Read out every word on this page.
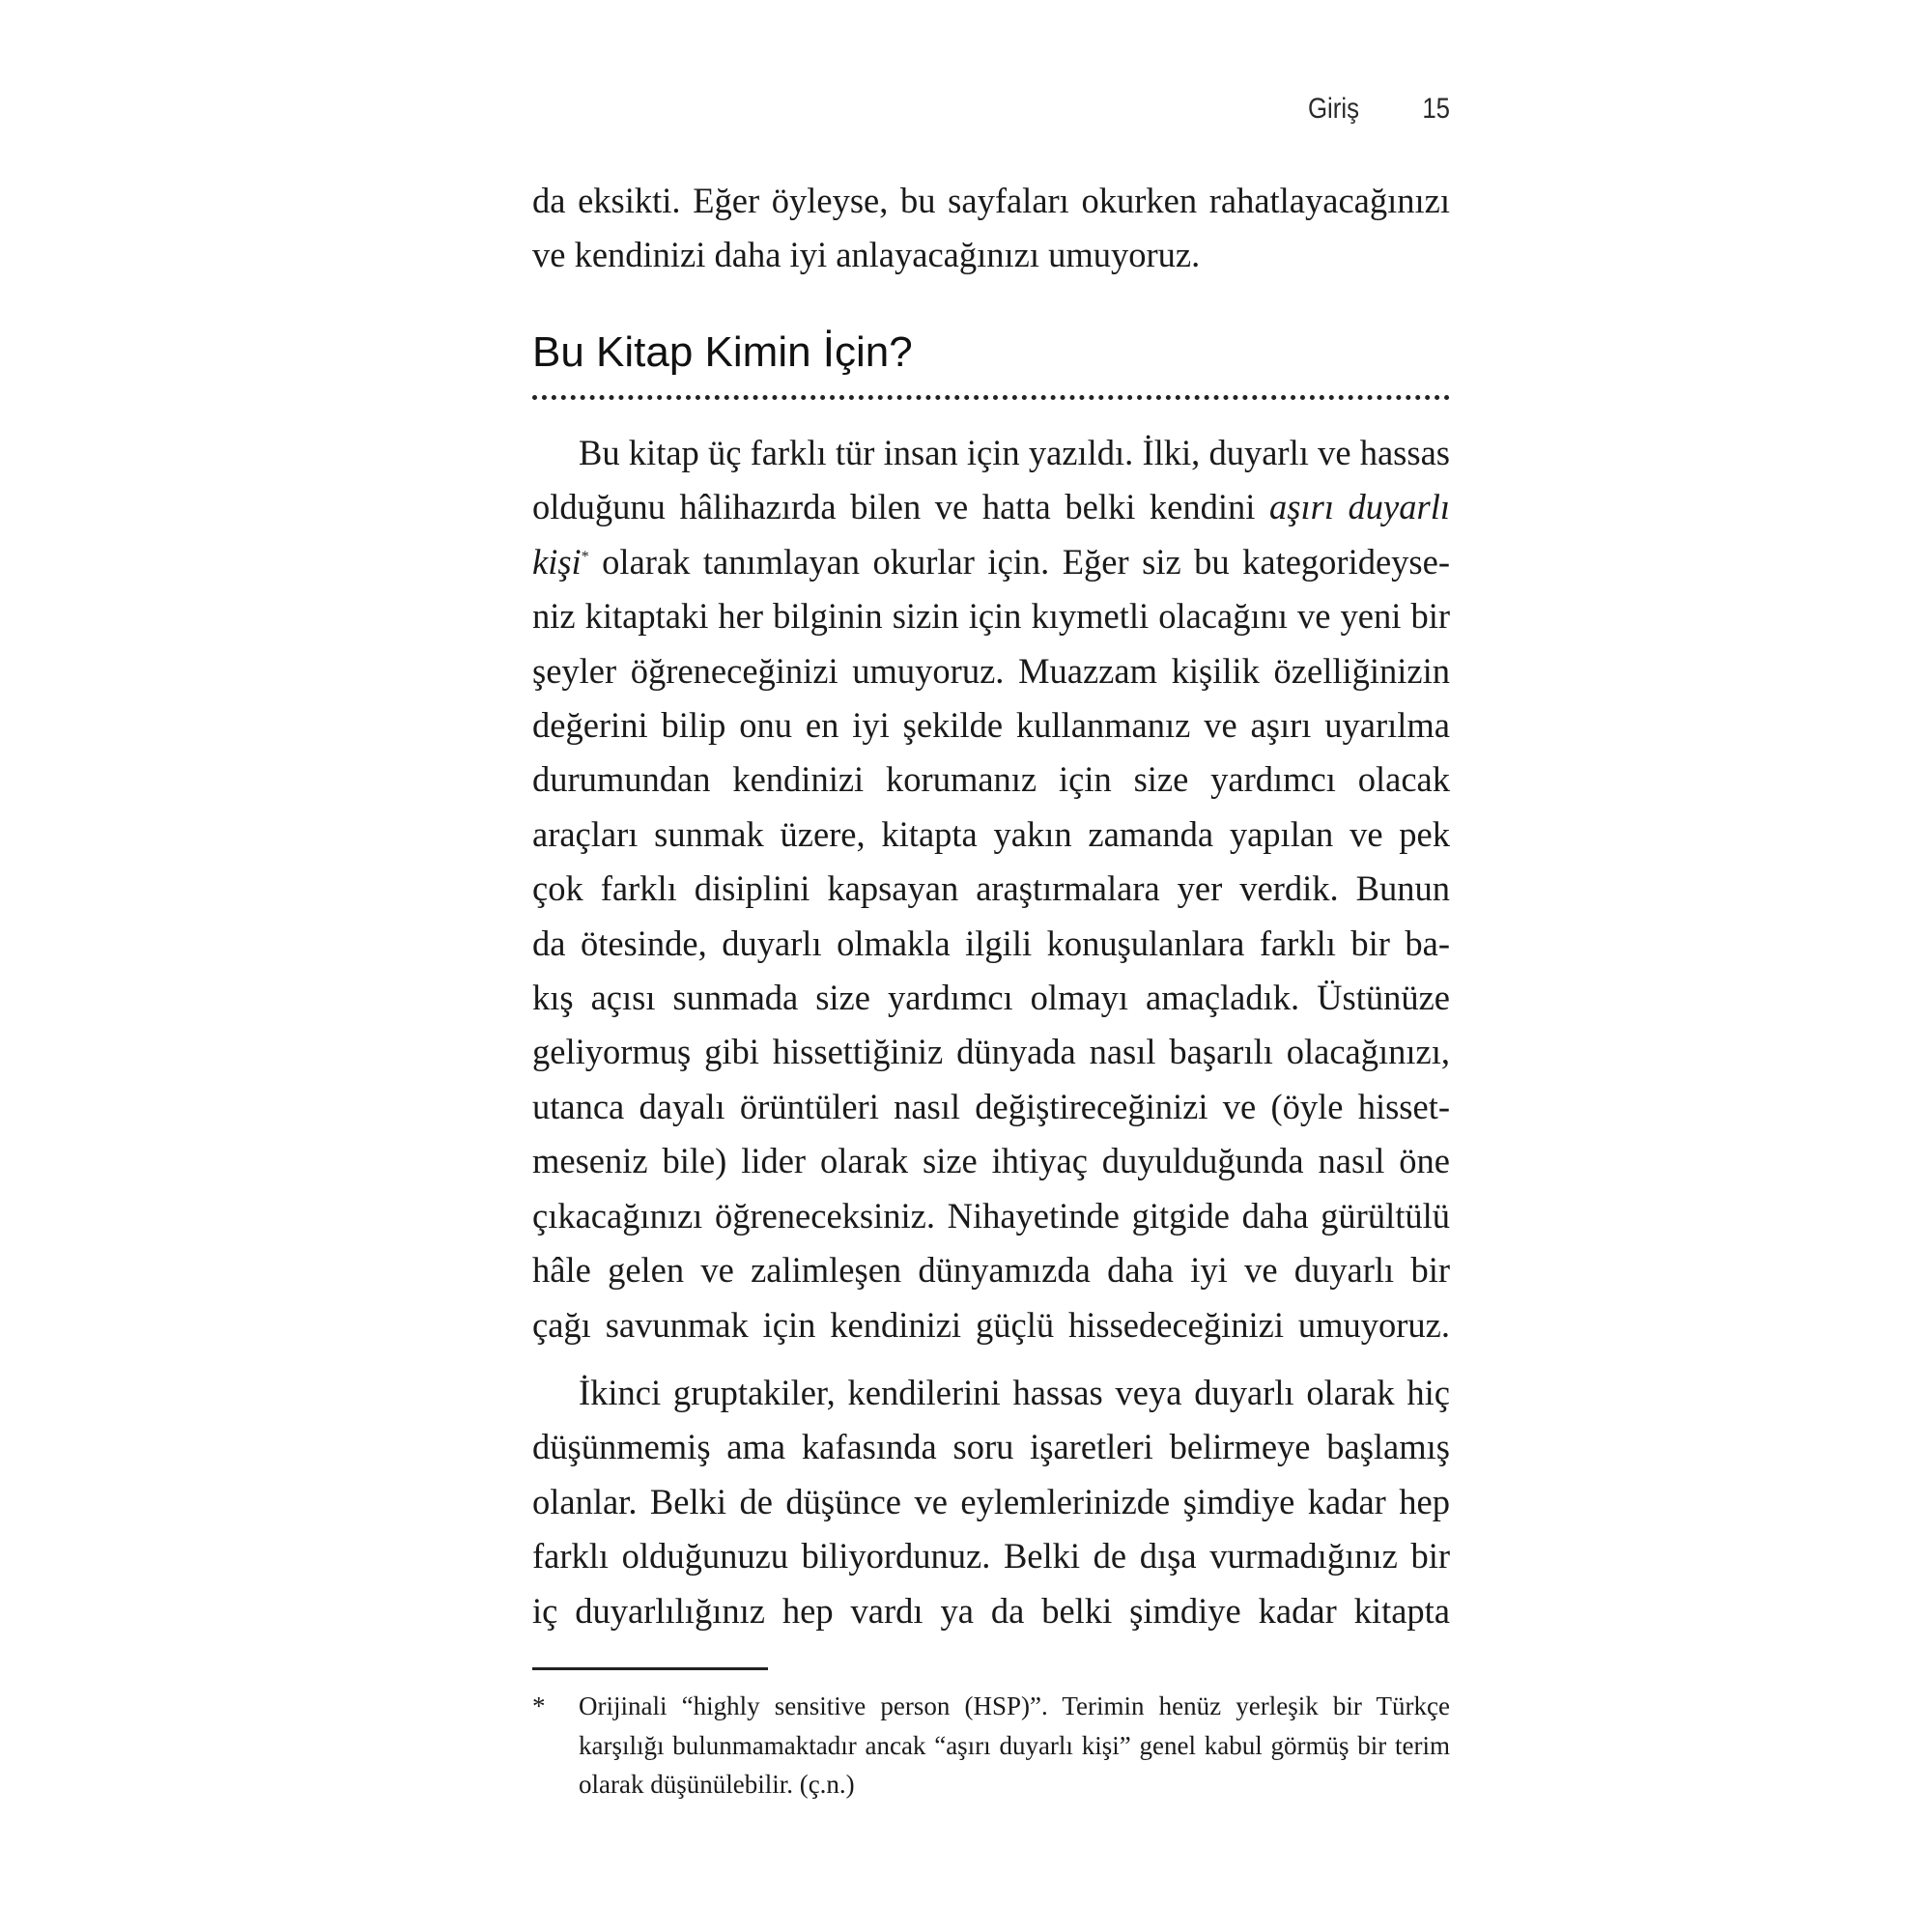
Giriş 15
da eksikti. Eğer öyleyse, bu sayfaları okurken rahatlayacağınızı
ve kendinizi daha iyi anlayacağınızı umuyoruz.
Bu Kitap Kimin İçin?
Bu kitap üç farklı tür insan için yazıldı. İlki, duyarlı ve hassas
olduğunu hâlihazırda bilen ve hatta belki kendini aşırı duyarlı
kişi* olarak tanımlayan okurlar için. Eğer siz bu kategorideyse-
niz kitaptaki her bilginin sizin için kıymetli olacağını ve yeni bir
şeyler öğreneceğinizi umuyoruz. Muazzam kişilik özelliğinizin
değerini bilip onu en iyi şekilde kullanmanız ve aşırı uyarılma
durumundan kendinizi korumanız için size yardımcı olacak
araçları sunmak üzere, kitapta yakın zamanda yapılan ve pek
çok farklı disiplini kapsayan araştırmalara yer verdik. Bunun
da ötesinde, duyarlı olmakla ilgili konuşulanlara farklı bir ba-
kış açısı sunmada size yardımcı olmayı amaçladık. Üstünüze
geliyormuş gibi hissettiğiniz dünyada nasıl başarılı olacağınızı,
utanca dayalı örüntüleri nasıl değiştireceğinizi ve (öyle hisset-
meseniz bile) lider olarak size ihtiyaç duyulduğunda nasıl öne
çıkacağınızı öğreneceksiniz. Nihayetinde gitgide daha gürültülü
hâle gelen ve zalimleşen dünyamızda daha iyi ve duyarlı bir
çağı savunmak için kendinizi güçlü hissedeceğinizi umuyoruz.
İkinci gruptakiler, kendilerini hassas veya duyarlı olarak hiç
düşünmemiş ama kafasında soru işaretleri belirmeye başlamış
olanlar. Belki de düşünce ve eylemlerinizde şimdiye kadar hep
farklı olduğunuzu biliyordunuz. Belki de dışa vurmadığınız bir
iç duyarlılığınız hep vardı ya da belki şimdiye kadar kitapta
* Orijinali “highly sensitive person (HSP)”. Terimin henüz yerleşik bir Türkçe karşılığı bulunmamaktadır ancak “aşırı duyarlı kişi” genel kabul görmüş bir terim olarak düşünülebilir. (ç.n.)
